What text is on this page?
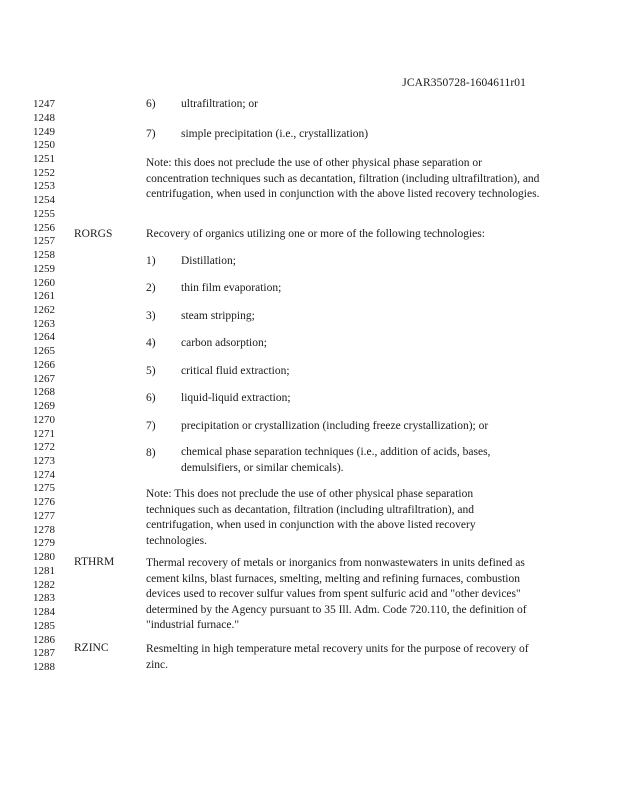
JCAR350728-1604611r01
1247
1248
1249
1250
1251
1252
1253
1254
1255
1256
1257
1258
1259
1260
1261
1262
1263
1264
1265
1266
1267
1268
1269
1270
1271
1272
1273
1274
1275
1276
1277
1278
1279
1280
1281
1282
1283
1284
1285
1286
1287
1288
6) ultrafiltration; or
7) simple precipitation (i.e., crystallization)
Note: this does not preclude the use of other physical phase separation or concentration techniques such as decantation, filtration (including ultrafiltration), and centrifugation, when used in conjunction with the above listed recovery technologies.
RORGS	Recovery of organics utilizing one or more of the following technologies:
1) Distillation;
2) thin film evaporation;
3) steam stripping;
4) carbon adsorption;
5) critical fluid extraction;
6) liquid-liquid extraction;
7) precipitation or crystallization (including freeze crystallization); or
8) chemical phase separation techniques (i.e., addition of acids, bases, demulsifiers, or similar chemicals).
Note: This does not preclude the use of other physical phase separation techniques such as decantation, filtration (including ultrafiltration), and centrifugation, when used in conjunction with the above listed recovery technologies.
RTHRM	Thermal recovery of metals or inorganics from nonwastewaters in units defined as cement kilns, blast furnaces, smelting, melting and refining furnaces, combustion devices used to recover sulfur values from spent sulfuric acid and "other devices" determined by the Agency pursuant to 35 Ill. Adm. Code 720.110, the definition of "industrial furnace."
RZINC	Resmelting in high temperature metal recovery units for the purpose of recovery of zinc.
